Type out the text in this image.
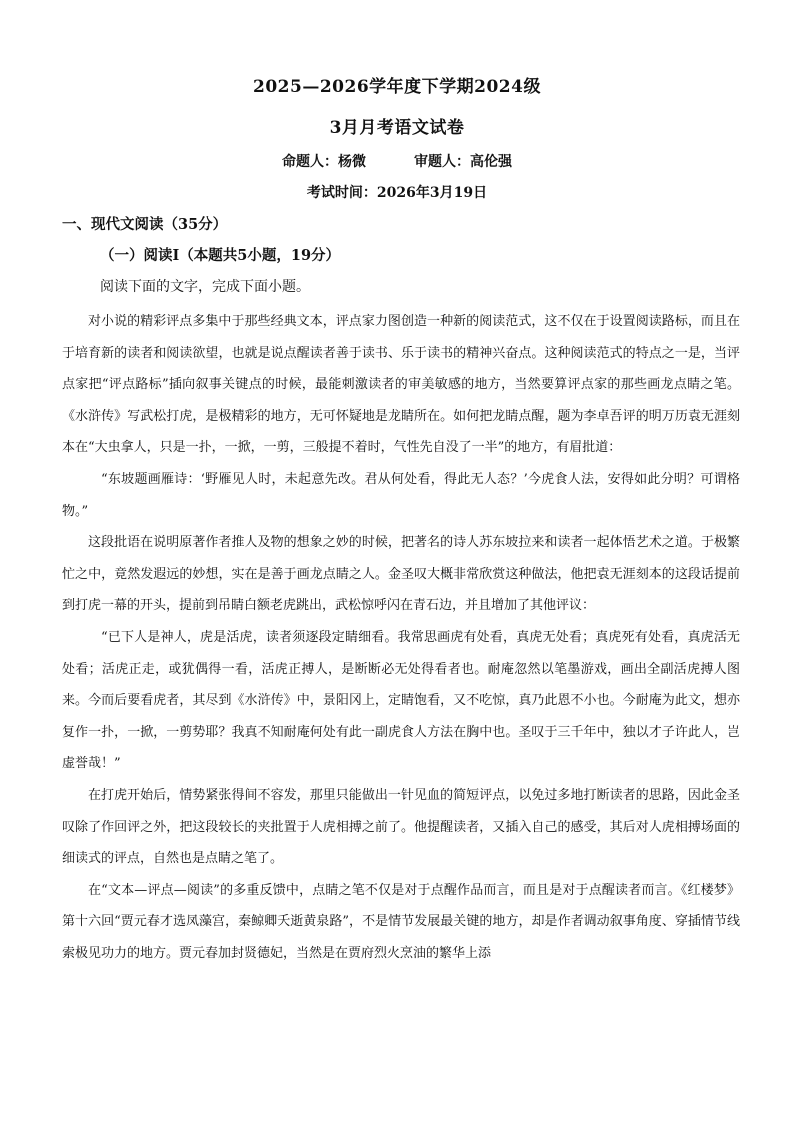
2025—2026学年度下学期2024级
3月月考语文试卷
命题人：杨微	审题人：高伦强
考试时间：2026年3月19日
一、现代文阅读（35分）
（一）阅读Ⅰ（本题共5小题，19分）
阅读下面的文字，完成下面小题。

对小说的精彩评点多集中于那些经典文本，评点家力图创造一种新的阅读范式，这不仅在于设置阅读路标，而且在于培育新的读者和阅读欲望，也就是说点醒读者善于读书、乐于读书的精神兴奋点。这种阅读范式的特点之一是，当评点家把“评点路标”插向叙事关键点的时候，最能刺激读者的审美敏感的地方，当然要算评点家的那些画龙点睛之笔。《水浒传》写武松打虎，是极精彩的地方，无可怀疑地是龙睛所在。如何把龙睛点醒，题为李卓吾评的明万历袁无涯刻本在“大虫拿人，只是一扑，一掀，一剪，三般提不着时，气性先自没了一半”的地方，有眉批道：

“东坡题画雁诗：‘野雁见人时，未起意先改。君从何处看，得此无人态？’今虎食人法，安得如此分明？可谓格物。”

这段批语在说明原著作者推人及物的想象之妙的时候，把著名的诗人苏东坡拉来和读者一起体悟艺术之道。于极繁忙之中，竟然发遐远的妙想，实在是善于画龙点睛之人。金圣叹大概非常欣赏这种做法，他把袁无涯刻本的这段话提前到打虎一幕的开头，提前到吊睛白额老虎跳出，武松惊呼闪在青石边，并且增加了其他评议：

“已下人是神人，虎是活虎，读者须逐段定睛细看。我常思画虎有处看，真虎无处看；真虎死有处看，真虎活无处看；活虎正走，或犹偶得一看，活虎正搏人，是断断必无处得看者也。耐庵忽然以笔墨游戏，画出全副活虎搏人图来。今而后要看虎者，其尽到《水浒传》中，景阳冈上，定睛饱看，又不吃惊，真乃此恩不小也。今耐庵为此文，想亦复作一扑，一掀，一剪势耶？我真不知耐庵何处有此一副虎食人方法在胸中也。圣叹于三千年中，独以才子许此人，岂虚誉哉！”

在打虎开始后，情势紧张得间不容发，那里只能做出一针见血的简短评点，以免过多地打断读者的思路，因此金圣叹除了作回评之外，把这段较长的夹批置于人虎相搏之前了。他提醒读者，又插入自己的感受，其后对人虎相搏场面的细读式的评点，自然也是点睛之笔了。

在“文本—评点—阅读”的多重反馈中，点睛之笔不仅是对于点醒作品而言，而且是对于点醒读者而言。《红楼梦》第十六回“贾元春才选凤藻宫，秦鲸卿夭逝黄泉路”，不是情节发展最关键的地方，却是作者调动叙事角度、穿插情节线索极见功力的地方。贾元春加封贤德妃，当然是在贾府烈火烹油的繁华上添
